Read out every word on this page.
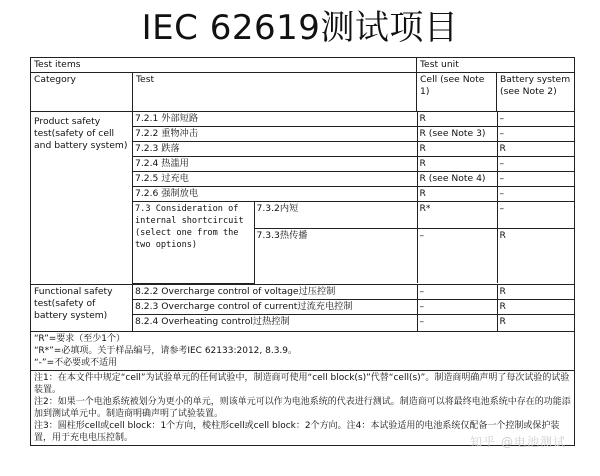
IEC 62619测试项目
Test items	Test unit
Category	Test	Cell (see Note 1)	Battery system (see Note 2)
Product safety test(safety of cell and battery system)	
7.2.1 外部短路	R	–
7.2.2 重物冲击	R (see Note 3)	–
7.2.3 跌落	R	R
7.2.4 热滥用	R	–
7.2.5 过充电	R (see Note 4)	–
7.2.6 强制放电	R	–
7.3 Consideration of internal shortcircuit (select one from the two options)	7.3.2内短	R*	–
7.3.3热传播	–	R

Functional safety test(safety of battery system)	
8.2.2 Overcharge control of voltage过压控制	–	R
8.2.3 Overcharge control of current过流充电控制	–	R
8.2.4 Overheating control过热控制	–	R

“R”=要求（至少1个）
“R*”=必填项。关于样品编号，请参考IEC 62133:2012, 8.3.9。
“-”=不必要或不适用

注1：在本文件中规定“cell”为试验单元的任何试验中，制造商可使用“cell block(s)”代替“cell(s)”。制造商明确声明了每次试验的试验装置。
注2：如果一个电池系统被划分为更小的单元，则该单元可以作为电池系统的代表进行测试。制造商可以将最终电池系统中存在的功能添加到测试单元中。制造商明确声明了试验装置。
注3：圆柱形cell或cell block：1个方向，棱柱形cell或cell block：2个方向。注4：本试验适用的电池系统仅配备一个控制或保护装置，用于充电电压控制。	知乎 @电池测试
